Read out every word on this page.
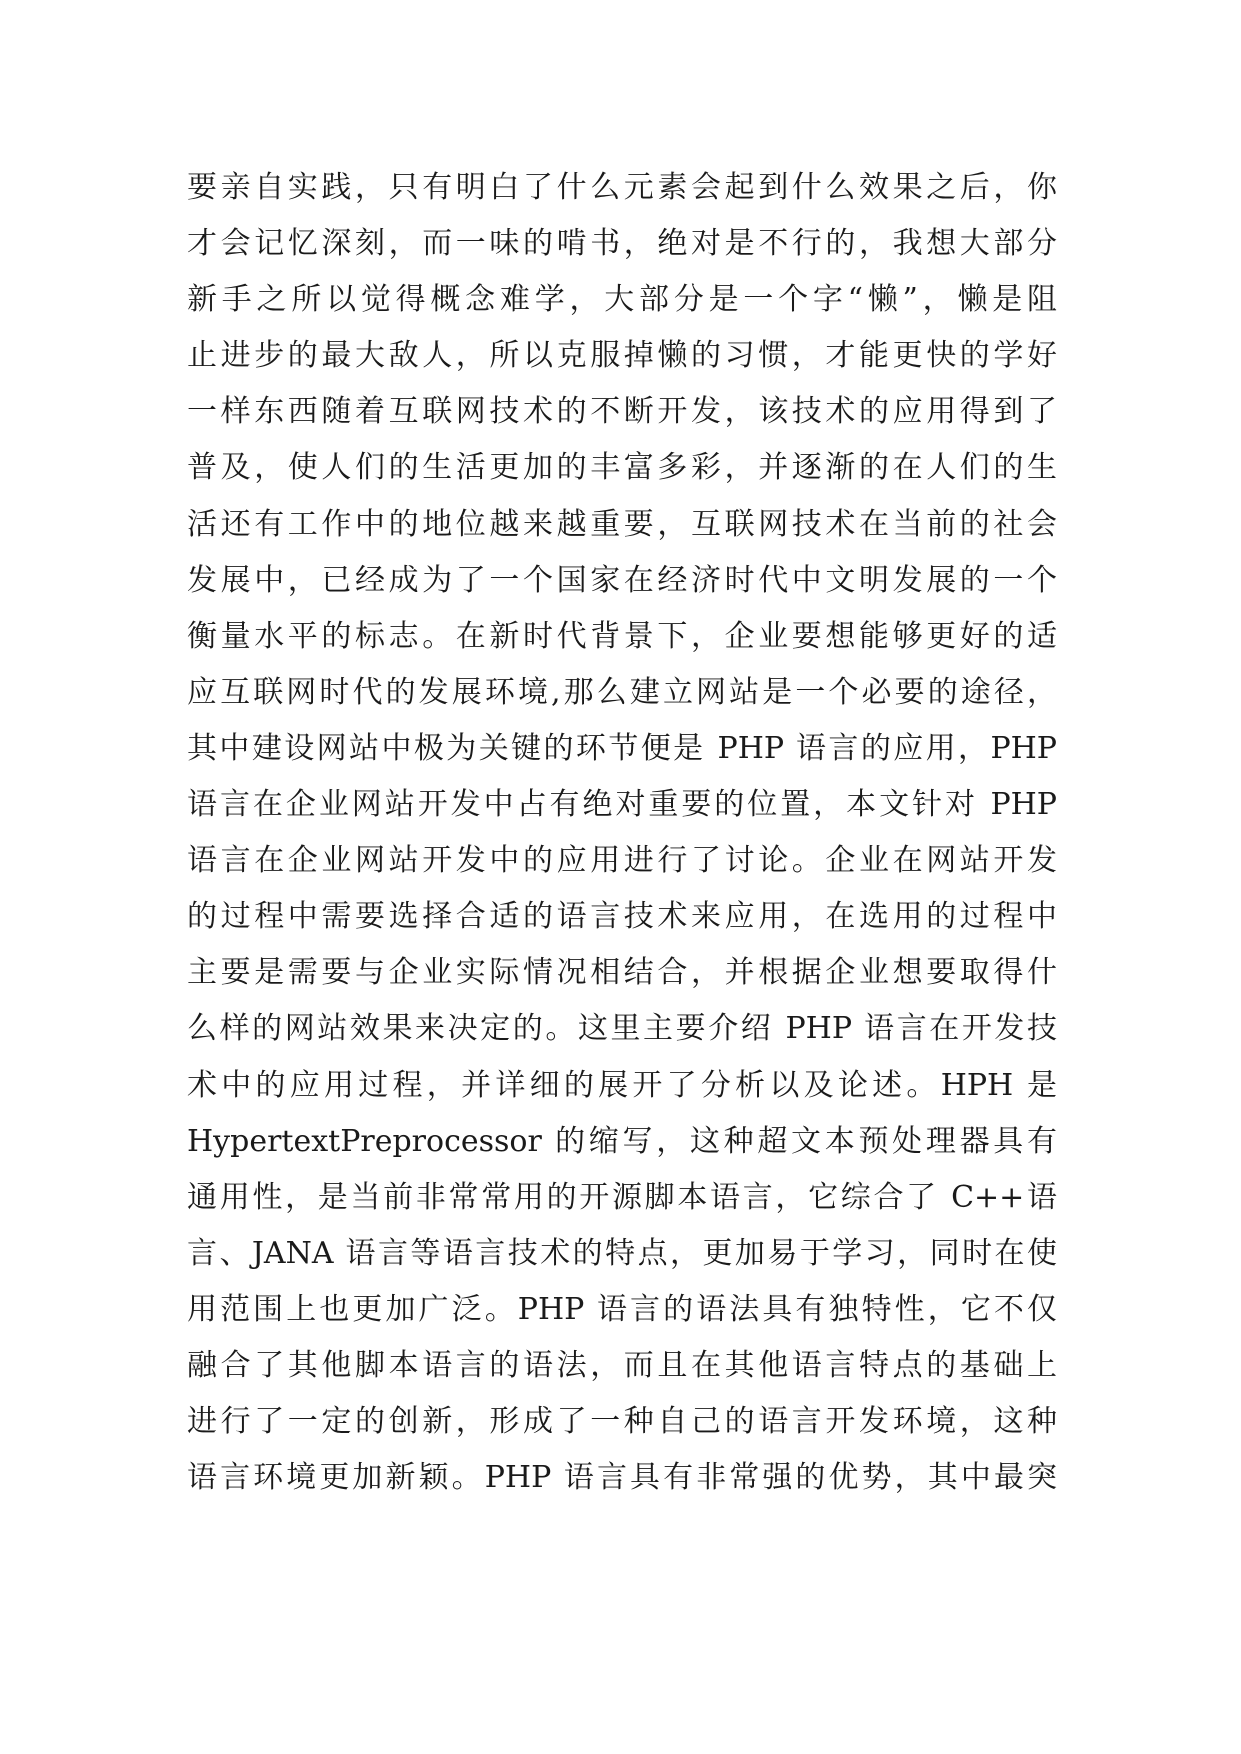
要亲自实践，只有明白了什么元素会起到什么效果之后，你
才会记忆深刻，而一味的啃书，绝对是不行的，我想大部分
新手之所以觉得概念难学，大部分是一个字“懒”，懒是阻
止进步的最大敌人，所以克服掉懒的习惯，才能更快的学好
一样东西随着互联网技术的不断开发，该技术的应用得到了
普及，使人们的生活更加的丰富多彩，并逐渐的在人们的生
活还有工作中的地位越来越重要，互联网技术在当前的社会
发展中，已经成为了一个国家在经济时代中文明发展的一个
衡量水平的标志。在新时代背景下，企业要想能够更好的适
应互联网时代的发展环境,那么建立网站是一个必要的途径，
其中建设网站中极为关键的环节便是 PHP 语言的应用，PHP
语言在企业网站开发中占有绝对重要的位置，本文针对 PHP
语言在企业网站开发中的应用进行了讨论。企业在网站开发
的过程中需要选择合适的语言技术来应用，在选用的过程中
主要是需要与企业实际情况相结合，并根据企业想要取得什
么样的网站效果来决定的。这里主要介绍 PHP 语言在开发技
术中的应用过程，并详细的展开了分析以及论述。HPH 是
HypertextPreprocessor 的缩写，这种超文本预处理器具有
通用性，是当前非常常用的开源脚本语言，它综合了 C++语
言、JANA 语言等语言技术的特点，更加易于学习，同时在使
用范围上也更加广泛。PHP 语言的语法具有独特性，它不仅
融合了其他脚本语言的语法，而且在其他语言特点的基础上
进行了一定的创新，形成了一种自己的语言开发环境，这种
语言环境更加新颖。PHP 语言具有非常强的优势，其中最突
